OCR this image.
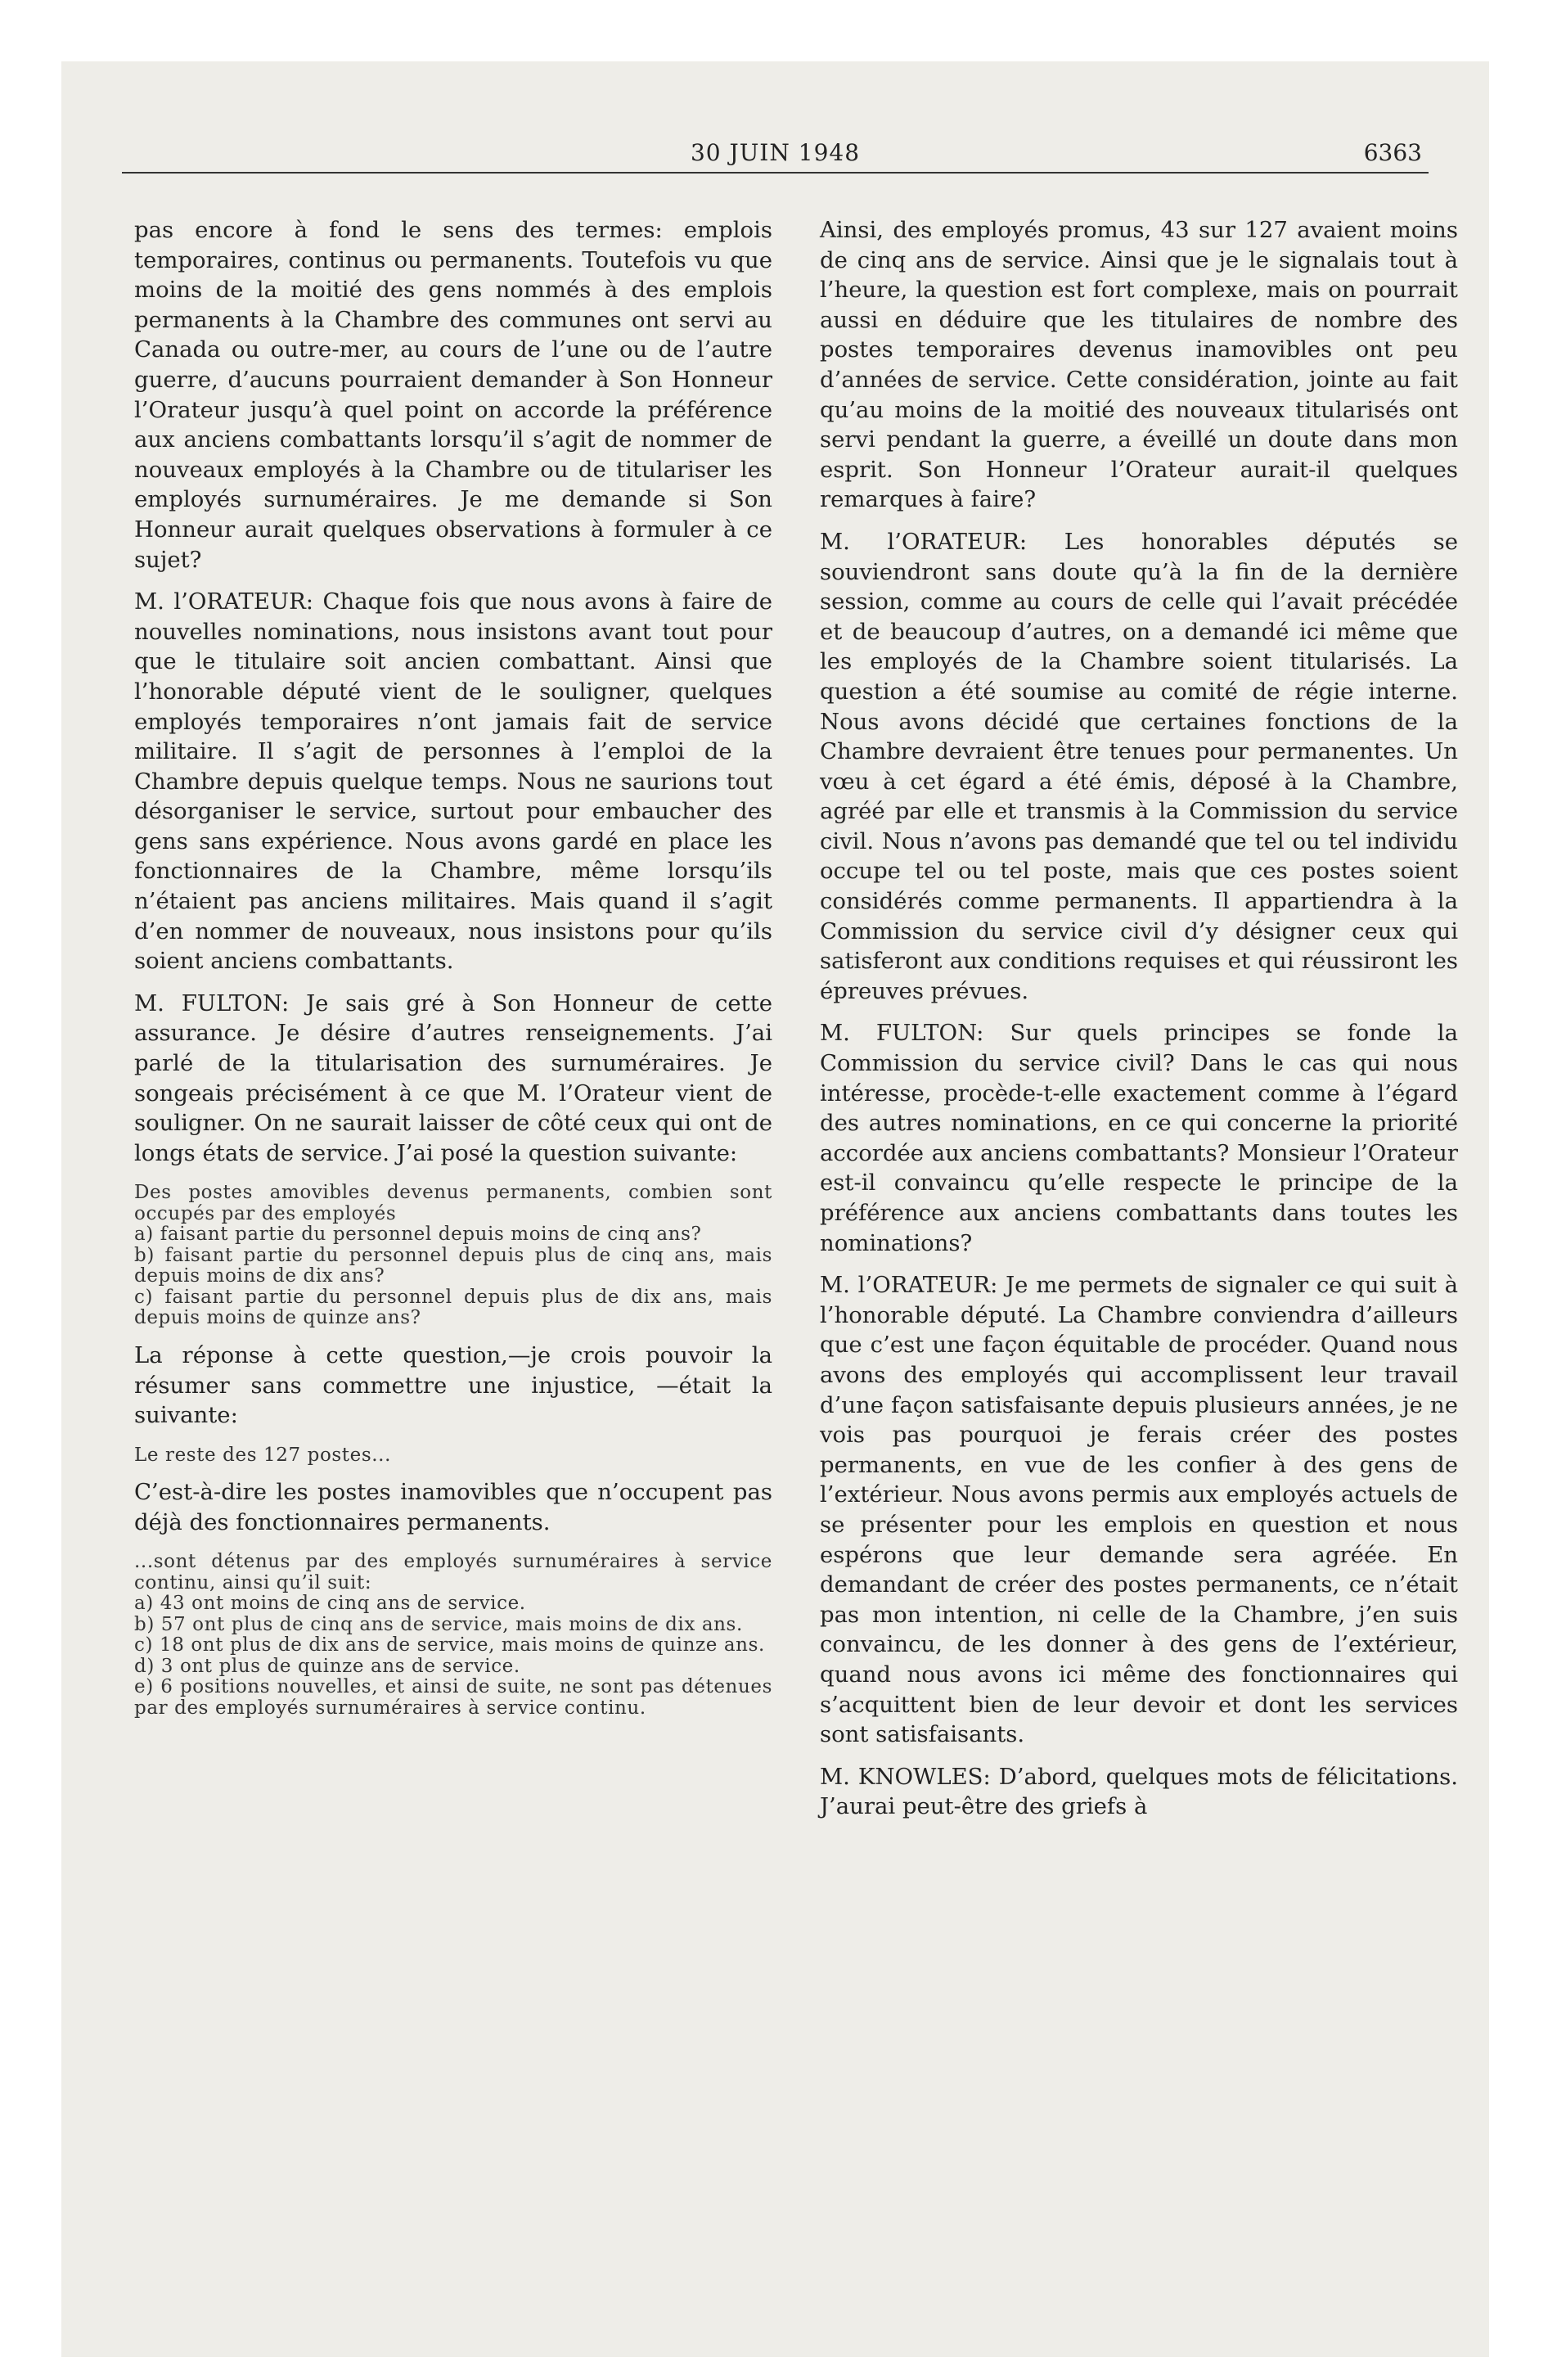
30 JUIN 1948	6363

pas encore à fond le sens des termes: emplois temporaires, continus ou permanents. Toutefois vu que moins de la moitié des gens nommés à des emplois permanents à la Chambre des communes ont servi au Canada ou outre-mer, au cours de l’une ou de l’autre guerre, d’aucuns pourraient demander à Son Honneur l’Orateur jusqu’à quel point on accorde la préférence aux anciens combattants lorsqu’il s’agit de nommer de nouveaux employés à la Chambre ou de titulariser les employés surnuméraires. Je me demande si Son Honneur aurait quelques observations à formuler à ce sujet?

M. l’ORATEUR: Chaque fois que nous avons à faire de nouvelles nominations, nous insistons avant tout pour que le titulaire soit ancien combattant. Ainsi que l’honorable député vient de le souligner, quelques employés temporaires n’ont jamais fait de service militaire. Il s’agit de personnes à l’emploi de la Chambre depuis quelque temps. Nous ne saurions tout désorganiser le service, surtout pour embaucher des gens sans expérience. Nous avons gardé en place les fonctionnaires de la Chambre, même lorsqu’ils n’étaient pas anciens militaires. Mais quand il s’agit d’en nommer de nouveaux, nous insistons pour qu’ils soient anciens combattants.

M. FULTON: Je sais gré à Son Honneur de cette assurance. Je désire d’autres renseignements. J’ai parlé de la titularisation des surnuméraires. Je songeais précisément à ce que M. l’Orateur vient de souligner. On ne saurait laisser de côté ceux qui ont de longs états de service. J’ai posé la question suivante:

Des postes amovibles devenus permanents, combien sont occupés par des employés

a) faisant partie du personnel depuis moins de cinq ans?

b) faisant partie du personnel depuis plus de cinq ans, mais depuis moins de dix ans?

c) faisant partie du personnel depuis plus de dix ans, mais depuis moins de quinze ans?

La réponse à cette question,—je crois pouvoir la résumer sans commettre une injustice, —était la suivante:

Le reste des 127 postes...

C’est-à-dire les postes inamovibles que n’occupent pas déjà des fonctionnaires permanents.

...sont détenus par des employés surnuméraires à service continu, ainsi qu’il suit:

a) 43 ont moins de cinq ans de service.

b) 57 ont plus de cinq ans de service, mais moins de dix ans.

c) 18 ont plus de dix ans de service, mais moins de quinze ans.

d) 3 ont plus de quinze ans de service.

e) 6 positions nouvelles, et ainsi de suite, ne sont pas détenues par des employés surnuméraires à service continu.

Ainsi, des employés promus, 43 sur 127 avaient moins de cinq ans de service. Ainsi que je le signalais tout à l’heure, la question est fort complexe, mais on pourrait aussi en déduire que les titulaires de nombre des postes temporaires devenus inamovibles ont peu d’années de service. Cette considération, jointe au fait qu’au moins de la moitié des nouveaux titularisés ont servi pendant la guerre, a éveillé un doute dans mon esprit. Son Honneur l’Orateur aurait-il quelques remarques à faire?

M. l’ORATEUR: Les honorables députés se souviendront sans doute qu’à la fin de la dernière session, comme au cours de celle qui l’avait précédée et de beaucoup d’autres, on a demandé ici même que les employés de la Chambre soient titularisés. La question a été soumise au comité de régie interne. Nous avons décidé que certaines fonctions de la Chambre devraient être tenues pour permanentes. Un vœu à cet égard a été émis, déposé à la Chambre, agréé par elle et transmis à la Commission du service civil. Nous n’avons pas demandé que tel ou tel individu occupe tel ou tel poste, mais que ces postes soient considérés comme permanents. Il appartiendra à la Commission du service civil d’y désigner ceux qui satisferont aux conditions requises et qui réussiront les épreuves prévues.

M. FULTON: Sur quels principes se fonde la Commission du service civil? Dans le cas qui nous intéresse, procède-t-elle exactement comme à l’égard des autres nominations, en ce qui concerne la priorité accordée aux anciens combattants? Monsieur l’Orateur est-il convaincu qu’elle respecte le principe de la préférence aux anciens combattants dans toutes les nominations?

M. l’ORATEUR: Je me permets de signaler ce qui suit à l’honorable député. La Chambre conviendra d’ailleurs que c’est une façon équitable de procéder. Quand nous avons des employés qui accomplissent leur travail d’une façon satisfaisante depuis plusieurs années, je ne vois pas pourquoi je ferais créer des postes permanents, en vue de les confier à des gens de l’extérieur. Nous avons permis aux employés actuels de se présenter pour les emplois en question et nous espérons que leur demande sera agréée. En demandant de créer des postes permanents, ce n’était pas mon intention, ni celle de la Chambre, j’en suis convaincu, de les donner à des gens de l’extérieur, quand nous avons ici même des fonctionnaires qui s’acquittent bien de leur devoir et dont les services sont satisfaisants.

M. KNOWLES: D’abord, quelques mots de félicitations. J’aurai peut-être des griefs à
